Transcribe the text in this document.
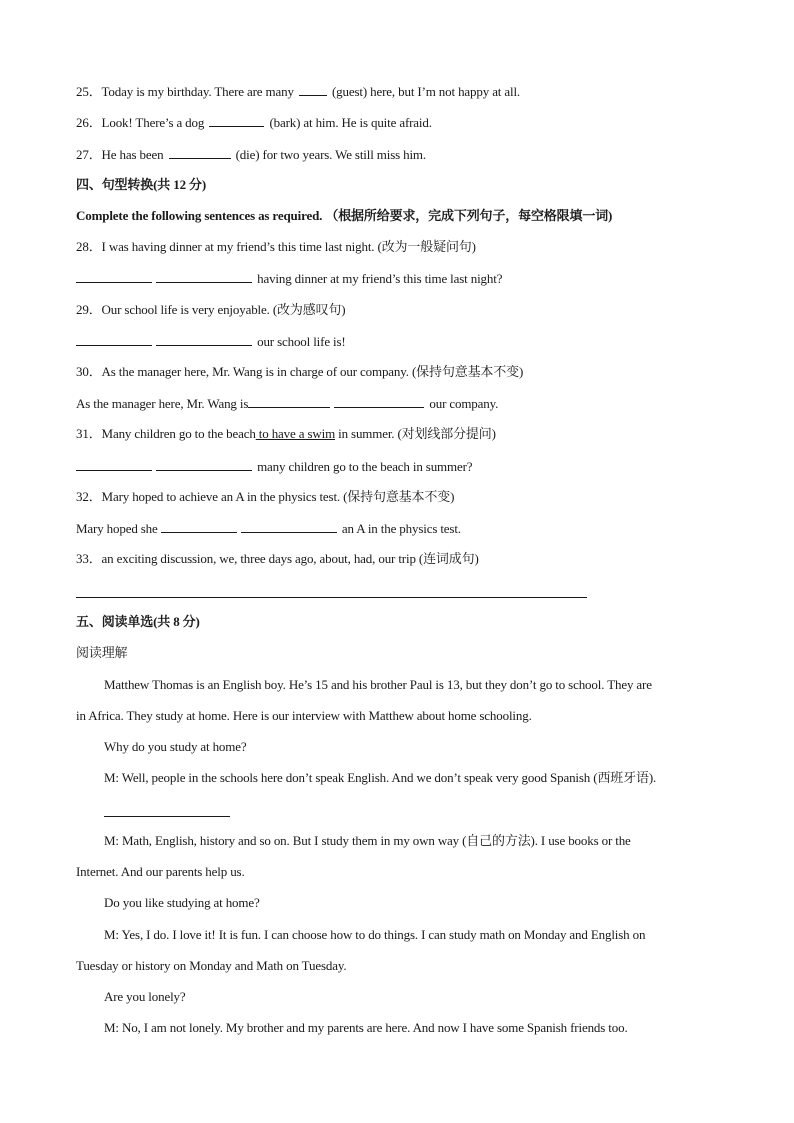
25．Today is my birthday. There are many  (guest) here, but I’m not happy at all.
26．Look! There’s a dog	(bark) at him. He is quite afraid.
27．He has been	(die) for two years. We still miss him.
四、句型转换(共 12 分)
Complete the following sentences as required. （根据所给要求，完成下列句子，每空格限填一词)
28．I was having dinner at my friend’s this time last night. (改为一般疑问句)
having dinner at my friend’s this time last night?
29．Our school life is very enjoyable. (改为感叹句)
our school life is!
30．As the manager here, Mr. Wang is in charge of our company. (保持句意基本不变)
As the manager here, Mr. Wang is	our company.
31．Many children go to the beach to have a swim in summer. (对划线部分提问)
many children go to the beach in summer?
32．Mary hoped to achieve an A in the physics test. (保持句意基本不变)
Mary hoped she	an A in the physics test.
33．an exciting discussion, we, three days ago, about, had, our trip (连词成句)
五、阅读单选(共 8 分)
阅读理解
Matthew Thomas is an English boy. He’s 15 and his brother Paul is 13, but they don’t go to school. They are
in Africa. They study at home. Here is our interview with Matthew about home schooling.
Why do you study at home?
M: Well, people in the schools here don’t speak English. And we don’t speak very good Spanish (西班牙语).
M: Math, English, history and so on. But I study them in my own way (自己的方法). I use books or the
Internet. And our parents help us.
Do you like studying at home?
M: Yes, I do. I love it! It is fun. I can choose how to do things. I can study math on Monday and English on
Tuesday or history on Monday and Math on Tuesday.
Are you lonely?
M: No, I am not lonely. My brother and my parents are here. And now I have some Spanish friends too.
